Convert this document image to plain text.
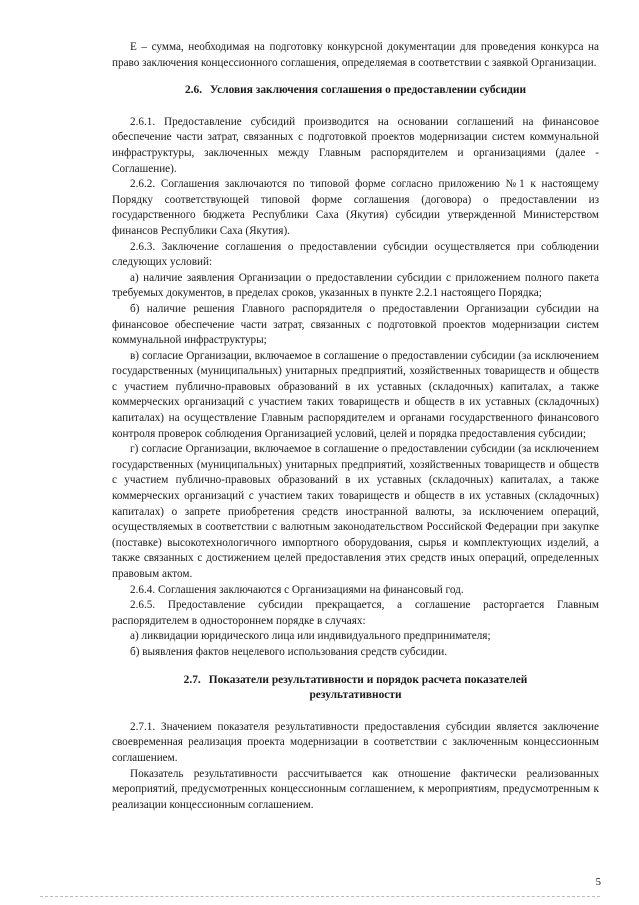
Е – сумма, необходимая на подготовку конкурсной документации для проведения конкурса на право заключения концессионного соглашения, определяемая в соответствии с заявкой Организации.

2.6. Условия заключения соглашения о предоставлении субсидии

2.6.1. Предоставление субсидий производится на основании соглашений на финансовое обеспечение части затрат, связанных с подготовкой проектов модернизации систем коммунальной инфраструктуры, заключенных между Главным распорядителем и организациями (далее - Соглашение).

2.6.2. Соглашения заключаются по типовой форме согласно приложению №1 к настоящему Порядку соответствующей типовой форме соглашения (договора) о предоставлении из государственного бюджета Республики Саха (Якутия) субсидии утвержденной Министерством финансов Республики Саха (Якутия).

2.6.3. Заключение соглашения о предоставлении субсидии осуществляется при соблюдении следующих условий:

а) наличие заявления Организации о предоставлении субсидии с приложением полного пакета требуемых документов, в пределах сроков, указанных в пункте 2.2.1 настоящего Порядка;

б) наличие решения Главного распорядителя о предоставлении Организации субсидии на финансовое обеспечение части затрат, связанных с подготовкой проектов модернизации систем коммунальной инфраструктуры;

в) согласие Организации, включаемое в соглашение о предоставлении субсидии (за исключением государственных (муниципальных) унитарных предприятий, хозяйственных товариществ и обществ с участием публично-правовых образований в их уставных (складочных) капиталах, а также коммерческих организаций с участием таких товариществ и обществ в их уставных (складочных) капиталах) на осуществление Главным распорядителем и органами государственного финансового контроля проверок соблюдения Организацией условий, целей и порядка предоставления субсидии;

г) согласие Организации, включаемое в соглашение о предоставлении субсидии (за исключением государственных (муниципальных) унитарных предприятий, хозяйственных товариществ и обществ с участием публично-правовых образований в их уставных (складочных) капиталах, а также коммерческих организаций с участием таких товариществ и обществ в их уставных (складочных) капиталах) о запрете приобретения средств иностранной валюты, за исключением операций, осуществляемых в соответствии с валютным законодательством Российской Федерации при закупке (поставке) высокотехнологичного импортного оборудования, сырья и комплектующих изделий, а также связанных с достижением целей предоставления этих средств иных операций, определенных правовым актом.

2.6.4. Соглашения заключаются с Организациями на финансовый год.

2.6.5. Предоставление субсидии прекращается, а соглашение расторгается Главным распорядителем в одностороннем порядке в случаях:

а) ликвидации юридического лица или индивидуального предпринимателя;

б) выявления фактов нецелевого использования средств субсидии.

2.7. Показатели результативности и порядок расчета показателей
результативности

2.7.1. Значением показателя результативности предоставления субсидии является заключение своевременная реализация проекта модернизации в соответствии с заключенным концессионным соглашением.

Показатель результативности рассчитывается как отношение фактически реализованных мероприятий, предусмотренных концессионным соглашением, к мероприятиям, предусмотренным к реализации концессионным соглашением.

5
